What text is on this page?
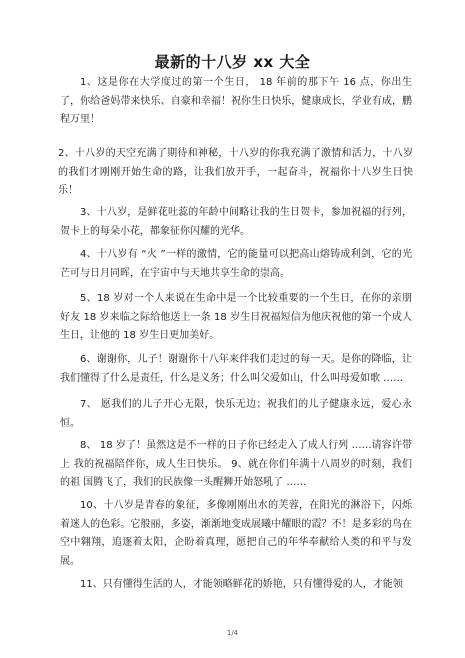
最新的十八岁 xx 大全

1、这是你在大学度过的第一个生日， 18 年前的那下午 16 点，你出生了，你给爸妈带来快乐、自豪和幸福！祝你生日快乐，健康成长，学业有成，鹏程万里！

2、十八岁的天空充满了期待和神秘，十八岁的你我充满了激情和活力，十八岁的我们才刚刚开始生命的路，让我们放开手，一起奋斗，祝福你十八岁生日快乐！

3、十八岁，是鲜花吐蕊的年龄中间略让我的生日贺卡，参加祝福的行列，贺卡上的每朵小花，都象征你闪耀的光华。

4、十八岁有 “火 ”一样的激情，它的能量可以把高山熔铸成利剑，它的光芒可与日月同晖，在宇宙中与天地共享生命的崇高。

5、18 岁对一个人来说在生命中是一个比较重要的一个生日，在你的亲朋好友 18 岁来临之际给他送上一条 18 岁生日祝福短信为他庆祝他的第一个成人生日，让他的 18 岁生日更加美好。

6、谢谢你，儿子！谢谢你十八年来伴我们走过的每一天。是你的降临，让我们懂得了什么是责任，什么是义务；什么叫父爱如山，什么叫母爱如歌 ……

7、 愿我们的儿子开心无限，快乐无边；祝我们的儿子健康永远，爱心永恒。

8、 18 岁了！虽然这是不一样的日子你已经走入了成人行列 ……请容许带上 我的祝福陪伴你，成人生日快乐。 9、就在你们年满十八周岁的时刻，我们的祖 国腾飞了，我们的民族像一头醒狮开始怒吼了 ……

10、十八岁是青春的象征，多像刚刚出水的芙蓉，在阳光的淋浴下，闪烁着迷人的色彩。它般丽，多姿，渐渐地变成展曦中耀眼的霞？不！是多彩的鸟在空中翱翔，追逐着太阳，企盼着真理，愿把自己的年华奉献给人类的和平与发展。

11、只有懂得生活的人，才能领略鲜花的娇艳，只有懂得爱的人，才能领

1/4
